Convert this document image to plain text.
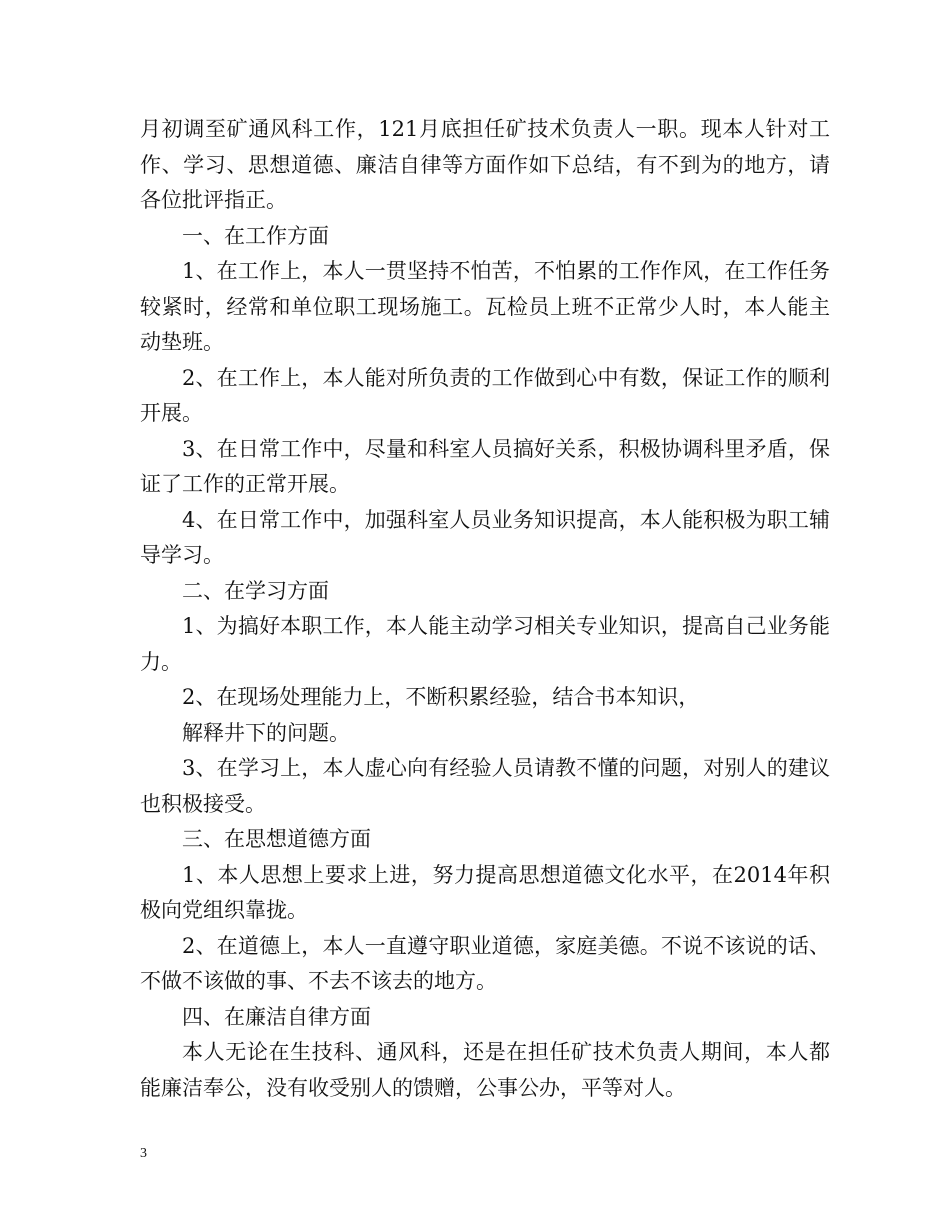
月初调至矿通风科工作，121月底担任矿技术负责人一职。现本人针对工作、学习、思想道德、廉洁自律等方面作如下总结，有不到为的地方，请各位批评指正。

一、在工作方面

1、在工作上，本人一贯坚持不怕苦，不怕累的工作作风，在工作任务较紧时，经常和单位职工现场施工。瓦检员上班不正常少人时，本人能主动垫班。

2、在工作上，本人能对所负责的工作做到心中有数，保证工作的顺利开展。

3、在日常工作中，尽量和科室人员搞好关系，积极协调科里矛盾，保证了工作的正常开展。

4、在日常工作中，加强科室人员业务知识提高，本人能积极为职工辅导学习。

二、在学习方面

1、为搞好本职工作，本人能主动学习相关专业知识，提高自己业务能力。

2、在现场处理能力上，不断积累经验，结合书本知识，

解释井下的问题。

3、在学习上，本人虚心向有经验人员请教不懂的问题，对别人的建议也积极接受。

三、在思想道德方面

1、本人思想上要求上进，努力提高思想道德文化水平，在2014年积极向党组织靠拢。

2、在道德上，本人一直遵守职业道德，家庭美德。不说不该说的话、不做不该做的事、不去不该去的地方。

四、在廉洁自律方面

本人无论在生技科、通风科，还是在担任矿技术负责人期间，本人都能廉洁奉公，没有收受别人的馈赠，公事公办，平等对人。

3
